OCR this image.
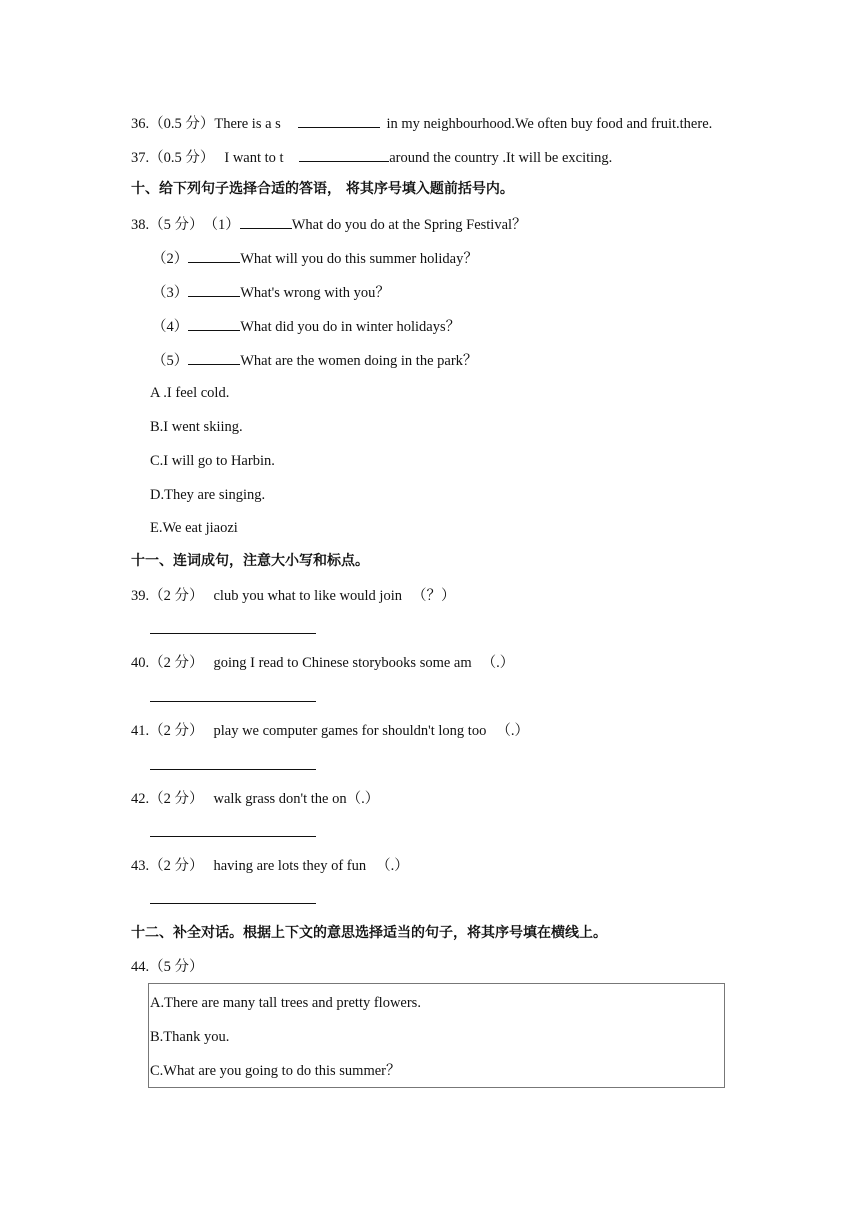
36.（0.5 分）There is a s	in my neighbourhood.We often buy food and fruit.there.
37.（0.5 分） I want to t	around the country .It will be exciting.
十、给下列句子选择合适的答语， 将其序号填入题前括号内。
38.（5 分）（1）	What do you do at the Spring Festival？
（2）	What will you do this summer holiday？
（3）	What's wrong with you？
（4）	What did you do in winter holidays？
（5）	What are the women doing in the park？
A .I feel cold.
B.I went skiing.
C.I will go to Harbin.
D.They are singing.
E.We eat jiaozi
十一、连词成句，注意大小写和标点。
39.（2 分） club you what to like would join （？）
40.（2 分） going I read to Chinese storybooks some am （.）
41.（2 分） play we computer games for shouldn't long too （.）
42.（2 分） walk grass don't the on（.）
43.（2 分） having are lots they of fun （.）
十二、补全对话。根据上下文的意思选择适当的句子，将其序号填在横线上。
44.（5 分）
A.There are many tall trees and pretty flowers.
B.Thank you.
C.What are you going to do this summer？
